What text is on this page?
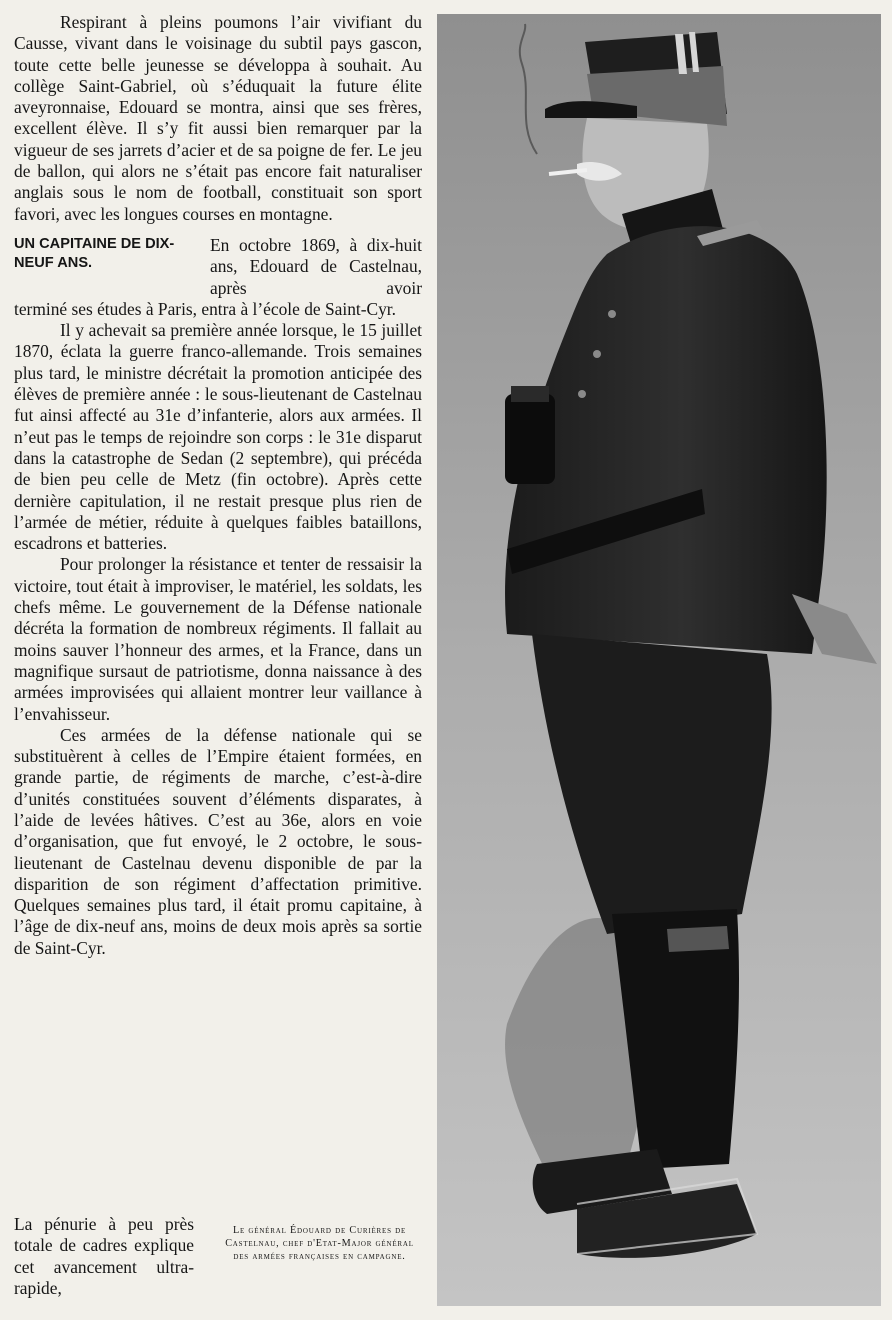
Respirant à pleins poumons l’air vivifiant du Causse, vivant dans le voisinage du subtil pays gascon, toute cette belle jeunesse se développa à souhait. Au collège Saint-Gabriel, où s’éduquait la future élite aveyronnaise, Edouard se montra, ainsi que ses frères, excellent élève. Il s’y fit aussi bien remarquer par la vigueur de ses jarrets d’acier et de sa poigne de fer. Le jeu de ballon, qui alors ne s’était pas encore fait naturaliser anglais sous le nom de football, constituait son sport favori, avec les longues courses en montagne.

UN CAPITAINE DE DIX-NEUF ANS.

En octobre 1869, à dix-huit ans, Edouard de Castelnau, après avoir

terminé ses études à Paris, entra à l’école de Saint-Cyr.

Il y achevait sa première année lorsque, le 15 juillet 1870, éclata la guerre franco-allemande. Trois semaines plus tard, le ministre décrétait la promotion anticipée des élèves de première année : le sous-lieutenant de Castelnau fut ainsi affecté au 31e d’infanterie, alors aux armées. Il n’eut pas le temps de rejoindre son corps : le 31e disparut dans la catastrophe de Sedan (2 septembre), qui précéda de bien peu celle de Metz (fin octobre). Après cette dernière capitulation, il ne restait presque plus rien de l’armée de métier, réduite à quelques faibles bataillons, escadrons et batteries.

Pour prolonger la résistance et tenter de ressaisir la victoire, tout était à improviser, le matériel, les soldats, les chefs même. Le gouvernement de la Défense nationale décréta la formation de nombreux régiments. Il fallait au moins sauver l’honneur des armes, et la France, dans un magnifique sursaut de patriotisme, donna naissance à des armées improvisées qui allaient montrer leur vaillance à l’envahisseur.

Ces armées de la défense nationale qui se substituèrent à celles de l’Empire étaient formées, en grande partie, de régiments de marche, c’est-à-dire d’unités constituées souvent d’éléments disparates, à l’aide de levées hâtives. C’est au 36e, alors en voie d’organisation, que fut envoyé, le 2 octobre, le sous-lieutenant de Castelnau devenu disponible de par la disparition de son régiment d’affectation primitive. Quelques semaines plus tard, il était promu capitaine, à l’âge de dix-neuf ans, moins de deux mois après sa sortie de Saint-Cyr.

La pénurie à peu près totale de cadres explique cet avancement ultra-rapide,

Le général Édouard de Curières de Castelnau, chef d'Etat-Major général des armées françaises en campagne.
